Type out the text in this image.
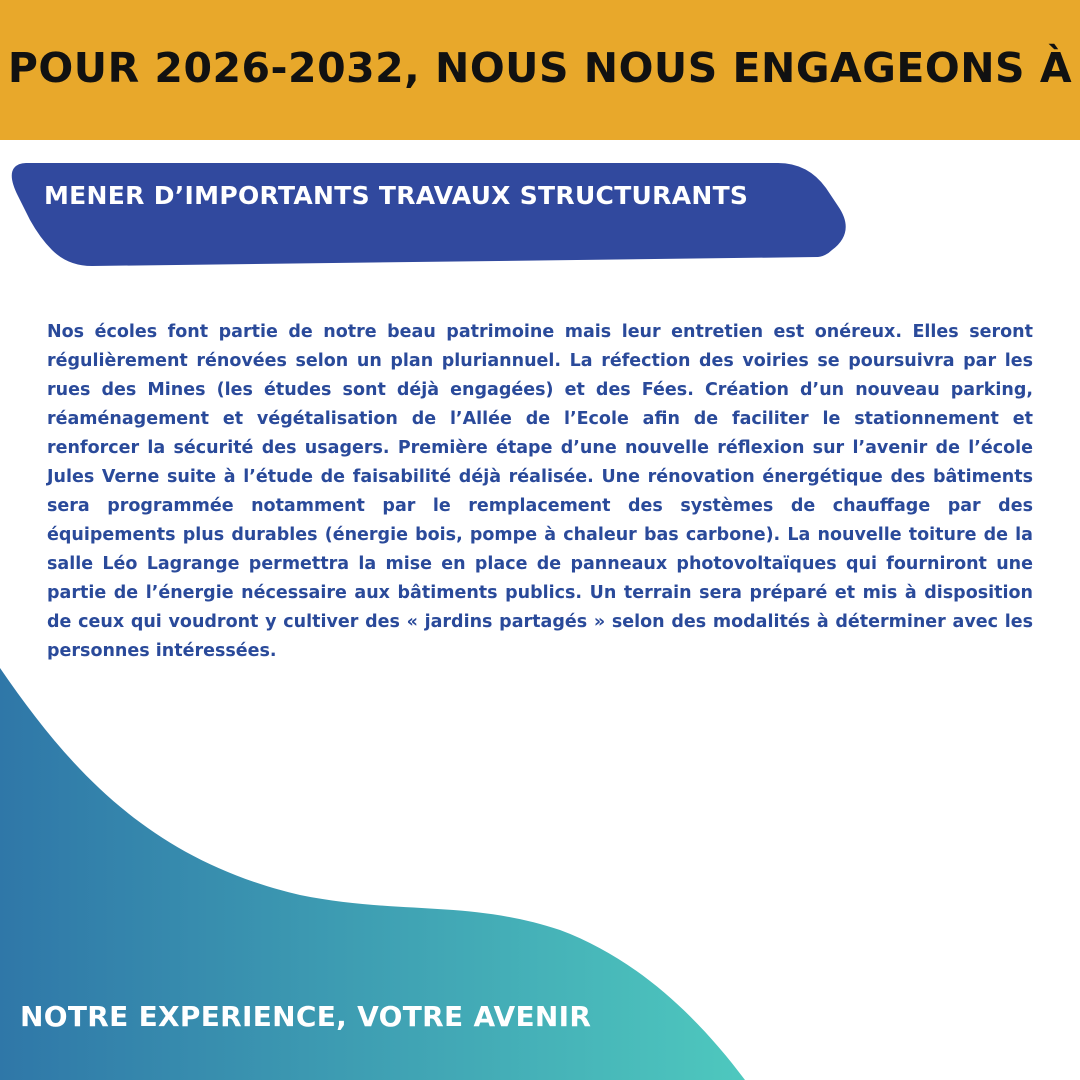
POUR 2026-2032, NOUS NOUS ENGAGEONS À
MENER D’IMPORTANTS TRAVAUX STRUCTURANTS

Nos écoles font partie de notre beau patrimoine mais leur entretien est onéreux. Elles seront régulièrement rénovées selon un plan pluriannuel. La réfection des voiries se poursuivra par les rues des Mines (les études sont déjà engagées) et des Fées. Création d’un nouveau parking, réaménagement et végétalisation de l’Allée de l’Ecole afin de faciliter le stationnement et renforcer la sécurité des usagers. Première étape d’une nouvelle réflexion sur l’avenir de l’école Jules Verne suite à l’étude de faisabilité déjà réalisée. Une rénovation énergétique des bâtiments sera programmée notamment par le remplacement des systèmes de chauffage par des équipements plus durables (énergie bois, pompe à chaleur bas carbone). La nouvelle toiture de la salle Léo Lagrange permettra la mise en place de panneaux photovoltaïques qui fourniront une partie de l’énergie nécessaire aux bâtiments publics. Un terrain sera préparé et mis à disposition de ceux qui voudront y cultiver des « jardins partagés » selon des modalités à déterminer avec les personnes intéressées.

NOTRE EXPERIENCE, VOTRE AVENIR
